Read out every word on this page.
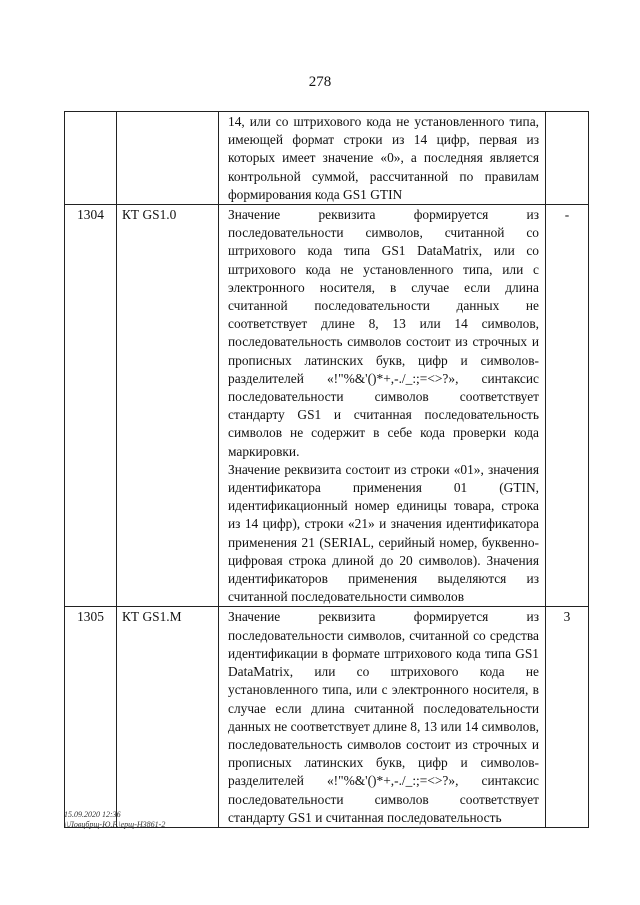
278

		14, или со штрихового кода не установленного типа, имеющей формат строки из 14 цифр, первая из которых имеет значение «0», а последняя является контрольной суммой, рассчитанной по правилам формирования кода GS1 GTIN	

1304	КТ GS1.0	Значение реквизита формируется из последовательности символов, считанной со штрихового кода типа GS1 DataMatrix, или со штрихового кода не установленного типа, или с электронного носителя, в случае если длина считанной последовательности данных не соответствует длине 8, 13 или 14 символов, последовательность символов состоит из строчных и прописных латинских букв, цифр и символов-разделителей «!"%&'()*+,-./_:;=<>?», синтаксис последовательности символов соответствует стандарту GS1 и считанная последовательность символов не содержит в себе кода проверки кода маркировки.
Значение реквизита состоит из строки «01», значения идентификатора применения 01 (GTIN, идентификационный номер единицы товара, строка из 14 цифр), строки «21» и значения идентификатора применения 21 (SERIAL, серийный номер, буквенно-цифровая строка длиной до 20 символов). Значения идентификаторов применения выделяются из считанной последовательности символов	-
1305	КТ GS1.М	Значение реквизита формируется из последовательности символов, считанной со средства идентификации в формате штрихового кода типа GS1 DataMatrix, или со штрихового кода не установленного типа, или с электронного носителя, в случае если длина считанной последовательности данных не соответствует длине 8, 13 или 14 символов, последовательность символов состоит из строчных и прописных латинских букв, цифр и символов-разделителей «!"%&'()*+,-./_:;=<>?», синтаксис последовательности символов соответствует стандарту GS1 и считанная последовательность	3
15.09.2020 12:36
\\Ловцбрщ-Ю.Р.\ерщ-Н3861-2
